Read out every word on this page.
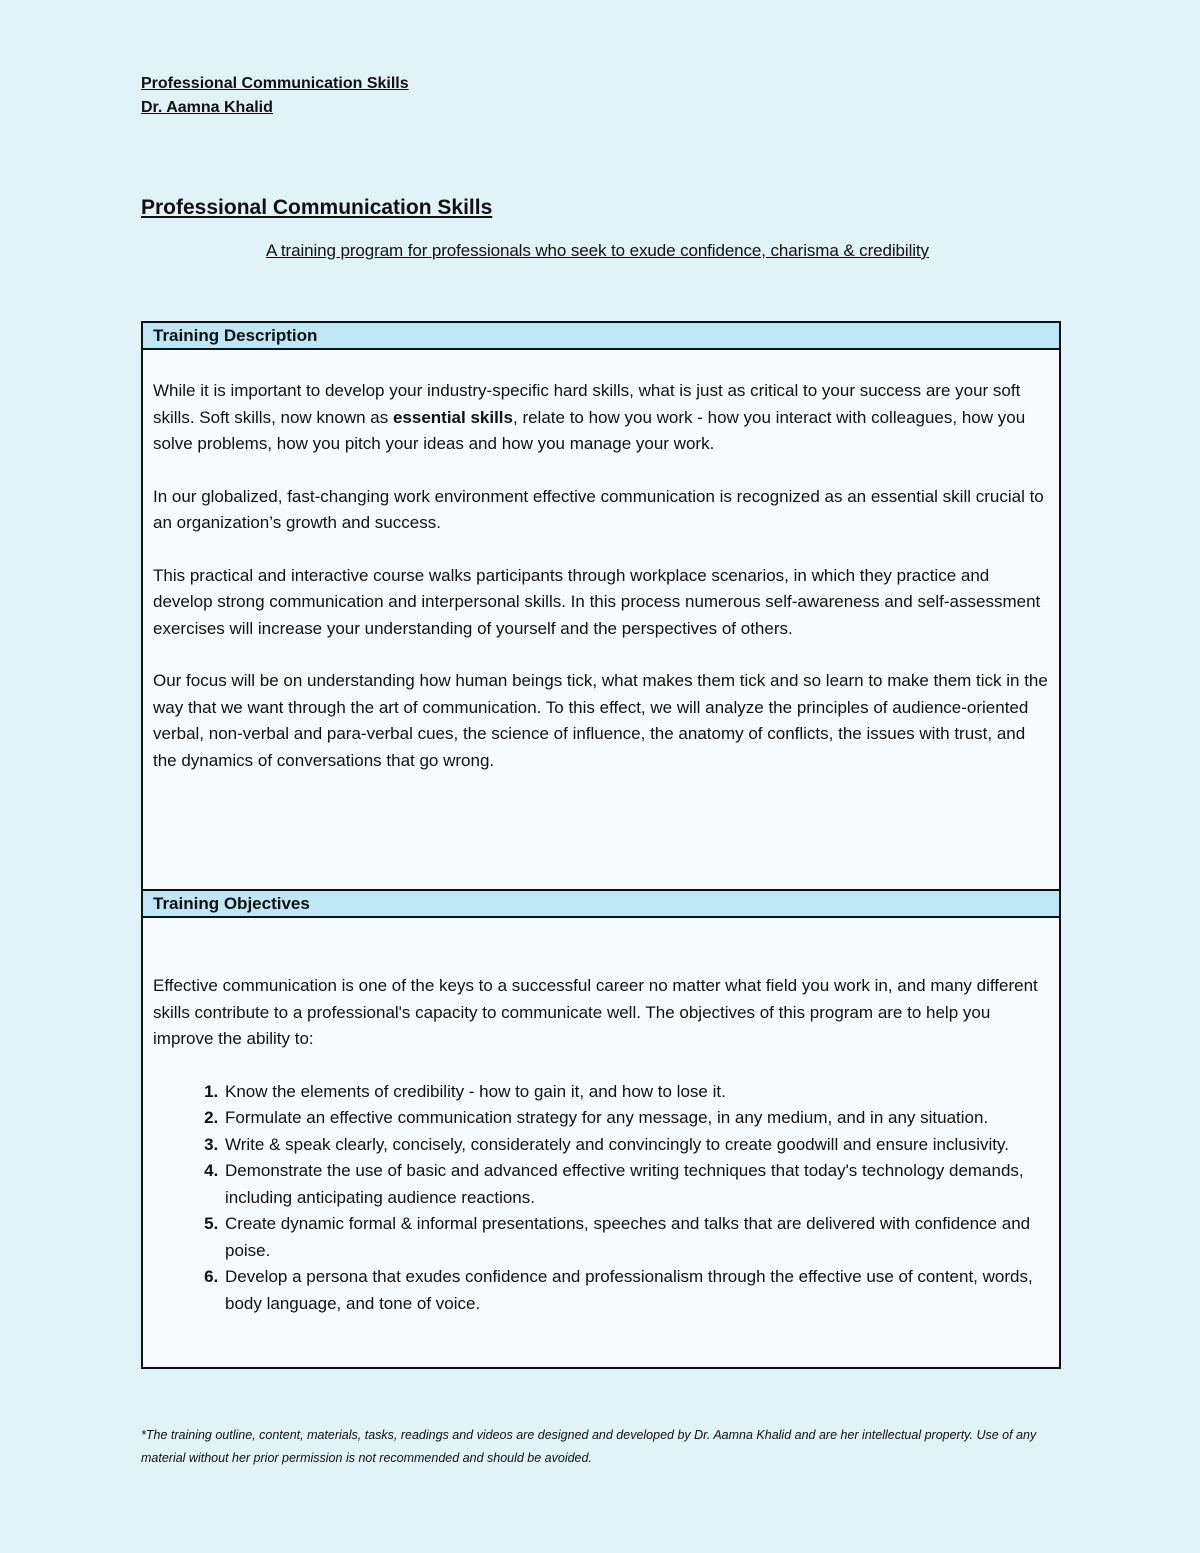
Professional Communication Skills
Dr. Aamna Khalid
Professional Communication Skills
A training program for professionals who seek to exude confidence, charisma & credibility
Training Description

While it is important to develop your industry-specific hard skills, what is just as critical to your success are your soft skills. Soft skills, now known as essential skills, relate to how you work - how you interact with colleagues, how you solve problems, how you pitch your ideas and how you manage your work.

In our globalized, fast-changing work environment effective communication is recognized as an essential skill crucial to an organization’s growth and success.

This practical and interactive course walks participants through workplace scenarios, in which they practice and develop strong communication and interpersonal skills. In this process numerous self-awareness and self-assessment exercises will increase your understanding of yourself and the perspectives of others.

Our focus will be on understanding how human beings tick, what makes them tick and so learn to make them tick in the way that we want through the art of communication. To this effect, we will analyze the principles of audience-oriented verbal, non-verbal and para-verbal cues, the science of influence, the anatomy of conflicts, the issues with trust, and the dynamics of conversations that go wrong.

Training Objectives

Effective communication is one of the keys to a successful career no matter what field you work in, and many different skills contribute to a professional's capacity to communicate well. The objectives of this program are to help you improve the ability to:

1. Know the elements of credibility - how to gain it, and how to lose it.
2. Formulate an effective communication strategy for any message, in any medium, and in any situation.
3. Write & speak clearly, concisely, considerately and convincingly to create goodwill and ensure inclusivity.
4. Demonstrate the use of basic and advanced effective writing techniques that today's technology demands, including anticipating audience reactions.
5. Create dynamic formal & informal presentations, speeches and talks that are delivered with confidence and poise.
6. Develop a persona that exudes confidence and professionalism through the effective use of content, words, body language, and tone of voice.
*The training outline, content, materials, tasks, readings and videos are designed and developed by Dr. Aamna Khalid and are her intellectual property. Use of any material without her prior permission is not recommended and should be avoided.
